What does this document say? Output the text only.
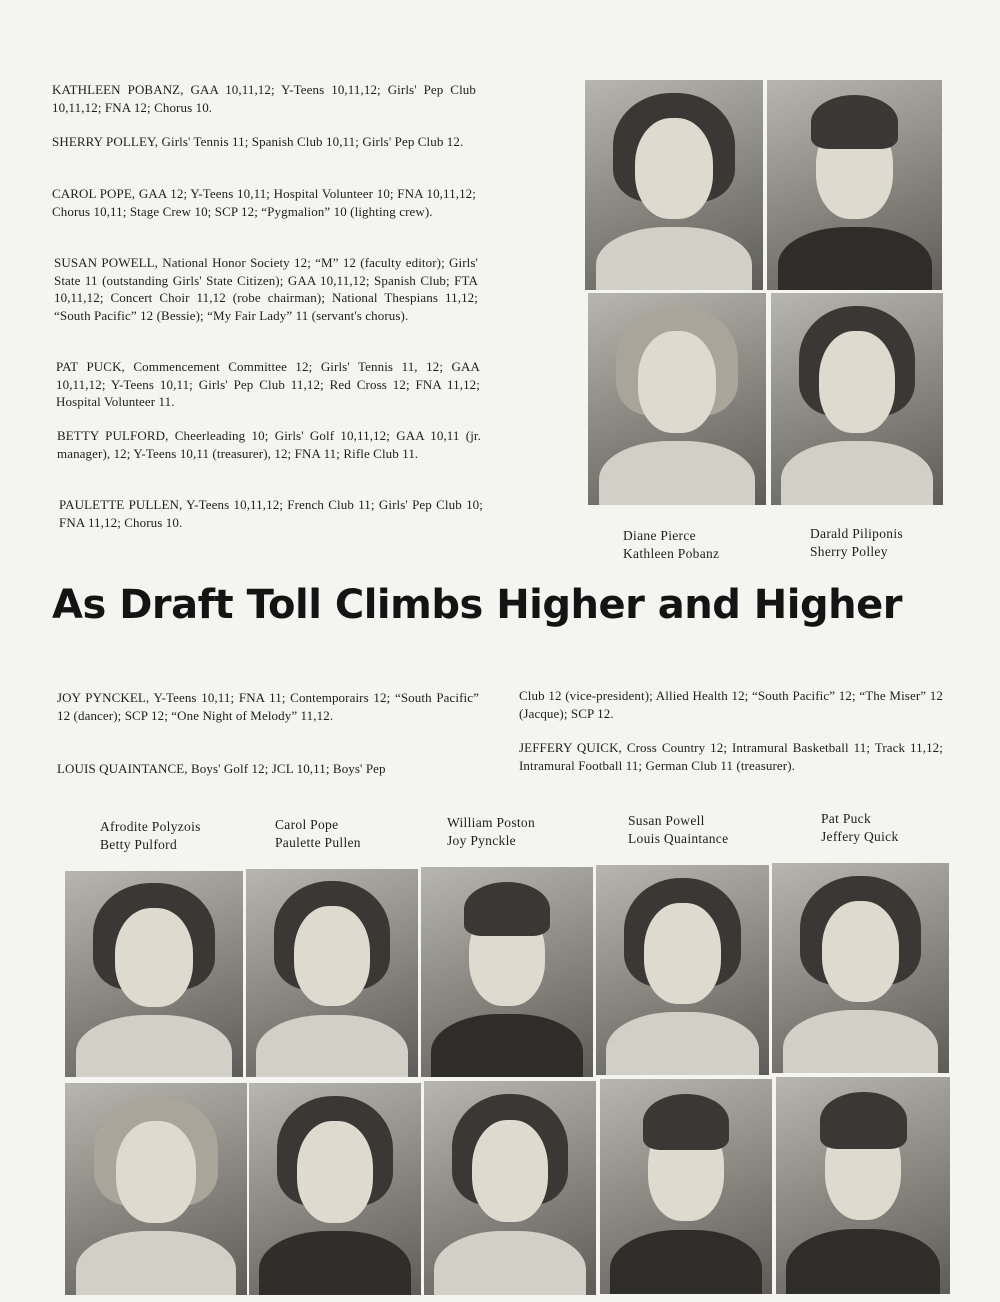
KATHLEEN POBANZ, GAA 10,11,12; Y-Teens 10,11,12; Girls' Pep Club 10,11,12; FNA 12; Chorus 10.

SHERRY POLLEY, Girls' Tennis 11; Spanish Club 10,11; Girls' Pep Club 12.

CAROL POPE, GAA 12; Y-Teens 10,11; Hospital Volunteer 10; FNA 10,11,12; Chorus 10,11; Stage Crew 10; SCP 12; “Pygmalion” 10 (lighting crew).

SUSAN POWELL, National Honor Society 12; “M” 12 (faculty editor); Girls' State 11 (outstanding Girls' State Citizen); GAA 10,11,12; Spanish Club; FTA 10,11,12; Concert Choir 11,12 (robe chairman); National Thespians 11,12; “South Pacific” 12 (Bessie); “My Fair Lady” 11 (servant's chorus).

PAT PUCK, Commencement Committee 12; Girls' Tennis 11, 12; GAA 10,11,12; Y-Teens 10,11; Girls' Pep Club 11,12; Red Cross 12; FNA 11,12; Hospital Volunteer 11.

BETTY PULFORD, Cheerleading 10; Girls' Golf 10,11,12; GAA 10,11 (jr. manager), 12; Y-Teens 10,11 (treasurer), 12; FNA 11; Rifle Club 11.

PAULETTE PULLEN, Y-Teens 10,11,12; French Club 11; Girls' Pep Club 10; FNA 11,12; Chorus 10.

Diane Pierce
Kathleen Pobanz
Darald Piliponis
Sherry Polley
As Draft Toll Climbs Higher and Higher

JOY PYNCKEL, Y-Teens 10,11; FNA 11; Contemporairs 12; “South Pacific” 12 (dancer); SCP 12; “One Night of Melody” 11,12.

LOUIS QUAINTANCE, Boys' Golf 12; JCL 10,11; Boys' Pep

Club 12 (vice-president); Allied Health 12; “South Pacific” 12; “The Miser” 12 (Jacque); SCP 12.

JEFFERY QUICK, Cross Country 12; Intramural Basketball 11; Track 11,12; Intramural Football 11; German Club 11 (treasurer).

Afrodite Polyzois
Betty Pulford
Carol Pope
Paulette Pullen
William Poston
Joy Pynckle
Susan Powell
Louis Quaintance
Pat Puck
Jeffery Quick
